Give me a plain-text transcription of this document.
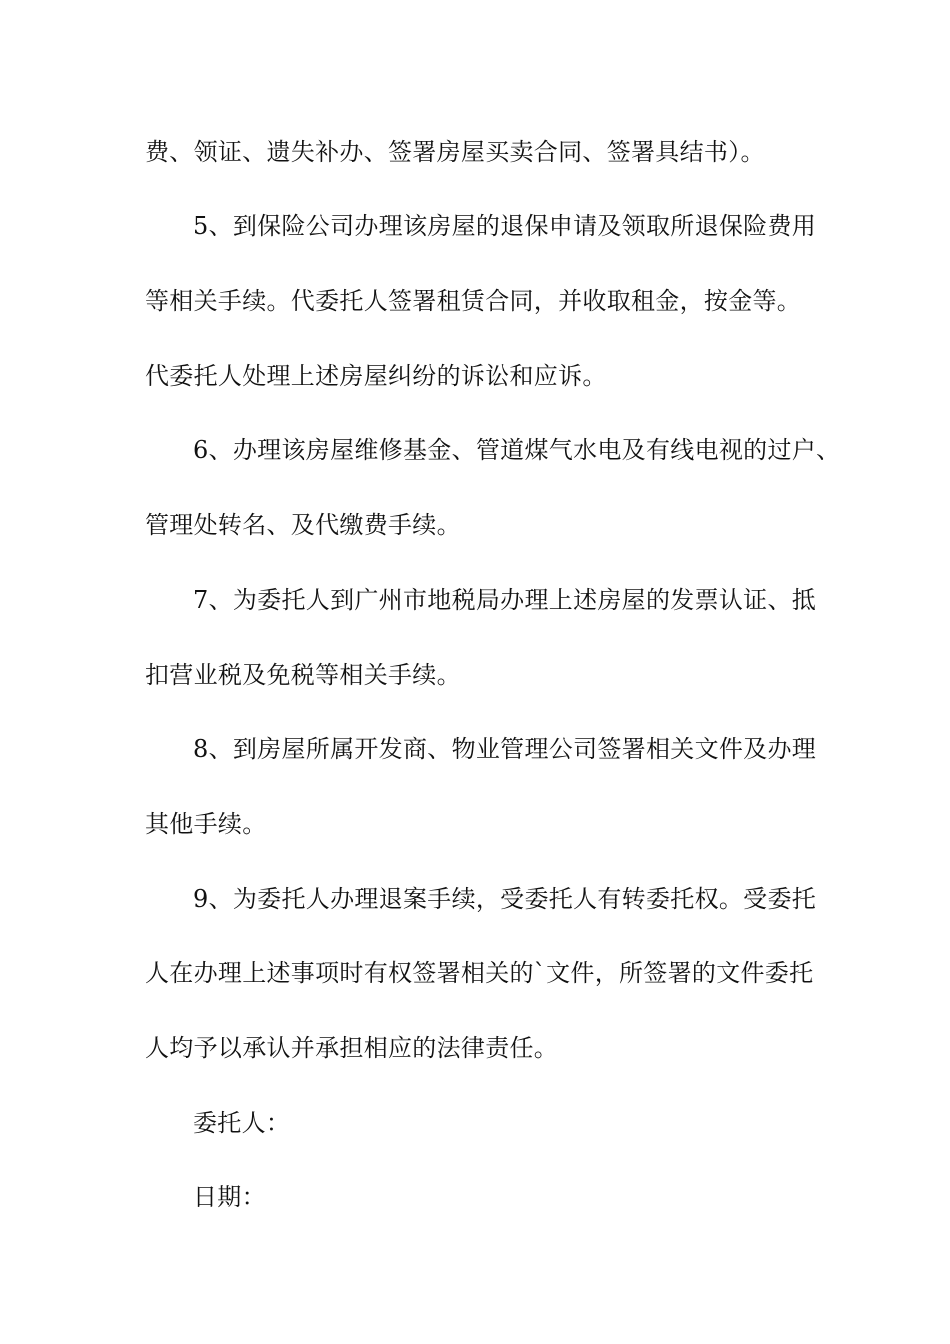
费、领证、遗失补办、签署房屋买卖合同、签署具结书）。
5、到保险公司办理该房屋的退保申请及领取所退保险费用
等相关手续。代委托人签署租赁合同，并收取租金，按金等。
代委托人处理上述房屋纠纷的诉讼和应诉。
6、办理该房屋维修基金、管道煤气水电及有线电视的过户、
管理处转名、及代缴费手续。
7、为委托人到广州市地税局办理上述房屋的发票认证、抵
扣营业税及免税等相关手续。
8、到房屋所属开发商、物业管理公司签署相关文件及办理
其他手续。
9、为委托人办理退案手续，受委托人有转委托权。受委托
人在办理上述事项时有权签署相关的`文件，所签署的文件委托
人均予以承认并承担相应的法律责任。
委托人：
日期：
